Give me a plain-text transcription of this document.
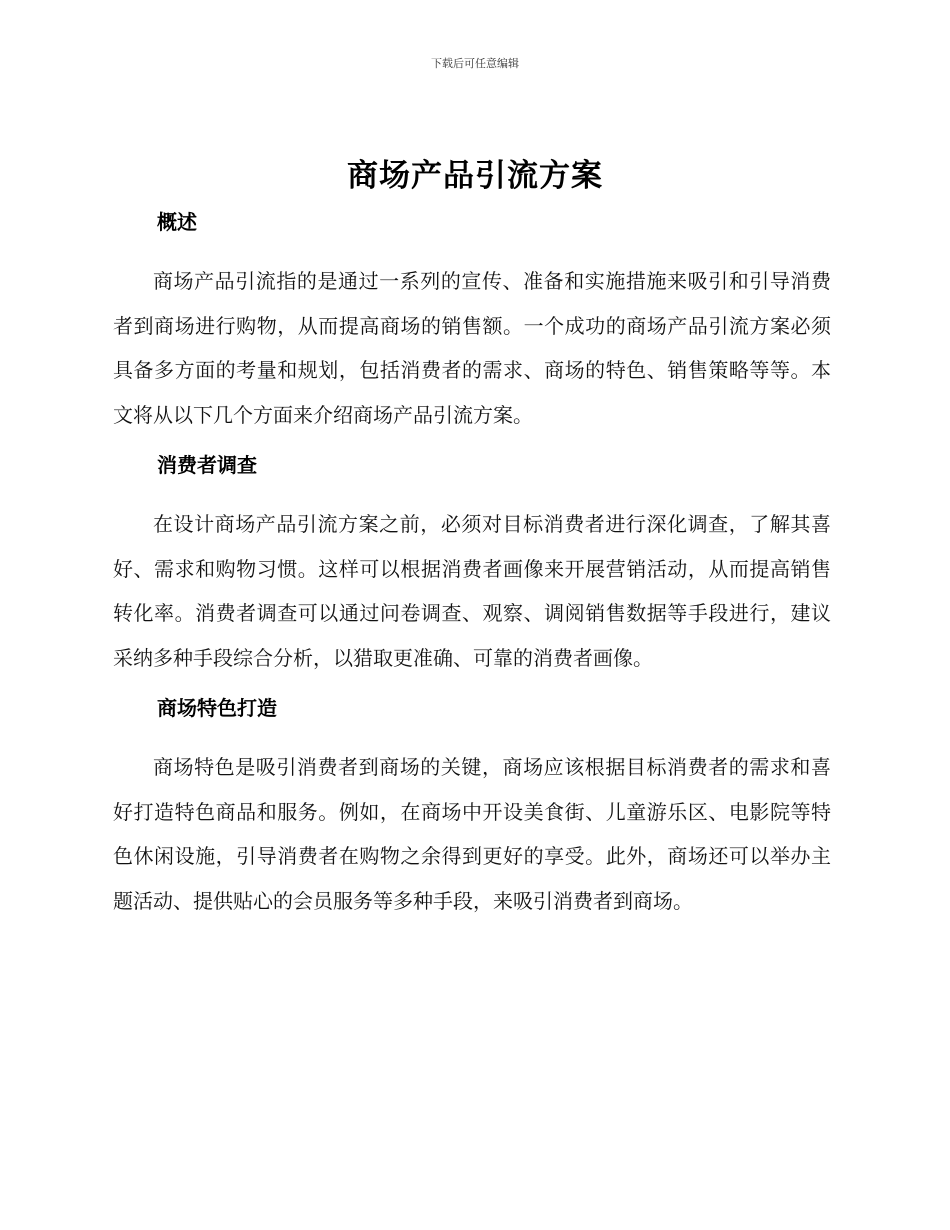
下载后可任意编辑
商场产品引流方案
概述

商场产品引流指的是通过一系列的宣传、准备和实施措施来吸引和引导消费者到商场进行购物，从而提高商场的销售额。一个成功的商场产品引流方案必须具备多方面的考量和规划，包括消费者的需求、商场的特色、销售策略等等。本文将从以下几个方面来介绍商场产品引流方案。

消费者调查

在设计商场产品引流方案之前，必须对目标消费者进行深化调查，了解其喜好、需求和购物习惯。这样可以根据消费者画像来开展营销活动，从而提高销售转化率。消费者调查可以通过问卷调查、观察、调阅销售数据等手段进行，建议采纳多种手段综合分析，以猎取更准确、可靠的消费者画像。

商场特色打造

商场特色是吸引消费者到商场的关键，商场应该根据目标消费者的需求和喜好打造特色商品和服务。例如，在商场中开设美食街、儿童游乐区、电影院等特色休闲设施，引导消费者在购物之余得到更好的享受。此外，商场还可以举办主题活动、提供贴心的会员服务等多种手段，来吸引消费者到商场。
